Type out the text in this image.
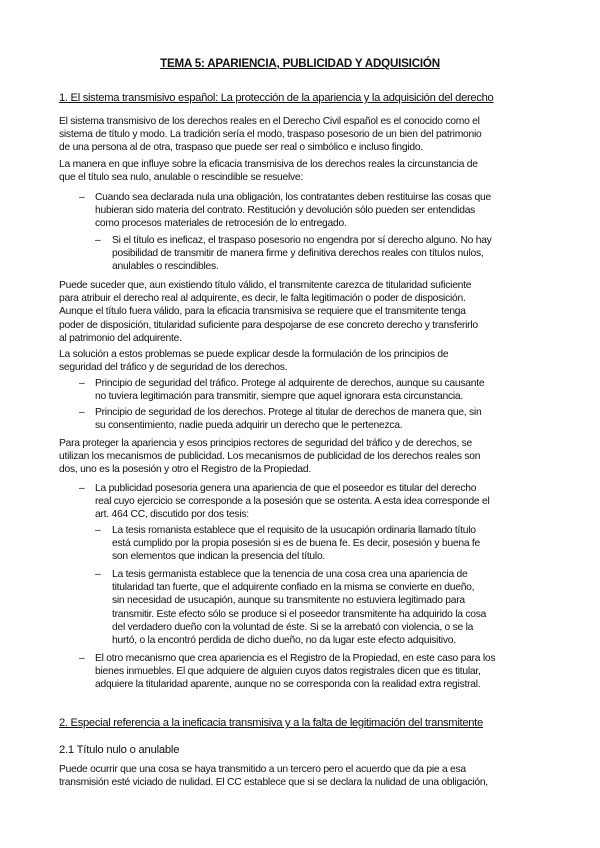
TEMA 5: APARIENCIA, PUBLICIDAD Y ADQUISICIÓN
1. El sistema transmisivo español: La protección de la apariencia y la adquisición del derecho
El sistema transmisivo de los derechos reales en el Derecho Civil español es el conocido como el
sistema de título y modo. La tradición sería el modo, traspaso posesorio de un bien del patrimonio
de una persona al de otra, traspaso que puede ser real o simbólico e incluso fingido.
La manera en que influye sobre la eficacia transmisiva de los derechos reales la circunstancia de
que el título sea nulo, anulable o rescindible se resuelve:
– Cuando sea declarada nula una obligación, los contratantes deben restituirse las cosas que
hubieran sido materia del contrato. Restitución y devolución sólo pueden ser entendidas
como procesos materiales de retrocesión de lo entregado.
– Si el título es ineficaz, el traspaso posesorio no engendra por sí derecho alguno. No hay
posibilidad de transmitir de manera firme y definitiva derechos reales con títulos nulos,
anulables o rescindibles.
Puede suceder que, aun existiendo título válido, el transmitente carezca de titularidad suficiente
para atribuir el derecho real al adquirente, es decir, le falta legitimación o poder de disposición.
Aunque el título fuera válido, para la eficacia transmisiva se requiere que el transmitente tenga
poder de disposición, titularidad suficiente para despojarse de ese concreto derecho y transferirlo
al patrimonio del adquirente.
La solución a estos problemas se puede explicar desde la formulación de los principios de
seguridad del tráfico y de seguridad de los derechos.
– Principio de seguridad del tráfico. Protege al adquirente de derechos, aunque su causante
no tuviera legitimación para transmitir, siempre que aquel ignorara esta circunstancia.
– Principio de seguridad de los derechos. Protege al titular de derechos de manera que, sin
su consentimiento, nadie pueda adquirir un derecho que le pertenezca.
Para proteger la apariencia y esos principios rectores de seguridad del tráfico y de derechos, se
utilizan los mecanismos de publicidad. Los mecanismos de publicidad de los derechos reales son
dos, uno es la posesión y otro el Registro de la Propiedad.
– La publicidad posesoria genera una apariencia de que el poseedor es titular del derecho
real cuyo ejercicio se corresponde a la posesión que se ostenta. A esta idea corresponde el
art. 464 CC, discutido por dos tesis:
– La tesis romanista establece que el requisito de la usucapión ordinaria llamado título
está cumplido por la propia posesión si es de buena fe. Es decir, posesión y buena fe
son elementos que indican la presencia del título.
– La tesis germanista establece que la tenencia de una cosa crea una apariencia de
titularidad tan fuerte, que el adquirente confiado en la misma se convierte en dueño,
sin necesidad de usucapión, aunque su transmitente no estuviera legitimado para
transmitir. Este efecto sólo se produce si el poseedor transmitente ha adquirido la cosa
del verdadero dueño con la voluntad de éste. Si se la arrebató con violencia, o se la
hurtó, o la encontró perdida de dicho dueño, no da lugar este efecto adquisitivo.
– El otro mecanismo que crea apariencia es el Registro de la Propiedad, en este caso para los
bienes inmuebles. El que adquiere de alguien cuyos datos registrales dicen que es titular,
adquiere la titularidad aparente, aunque no se corresponda con la realidad extra registral.
2. Especial referencia a la ineficacia transmisiva y a la falta de legitimación del transmitente
2.1 Título nulo o anulable
Puede ocurrir que una cosa se haya transmitido a un tercero pero el acuerdo que da pie a esa
transmisión esté viciado de nulidad. El CC establece que si se declara la nulidad de una obligación,
